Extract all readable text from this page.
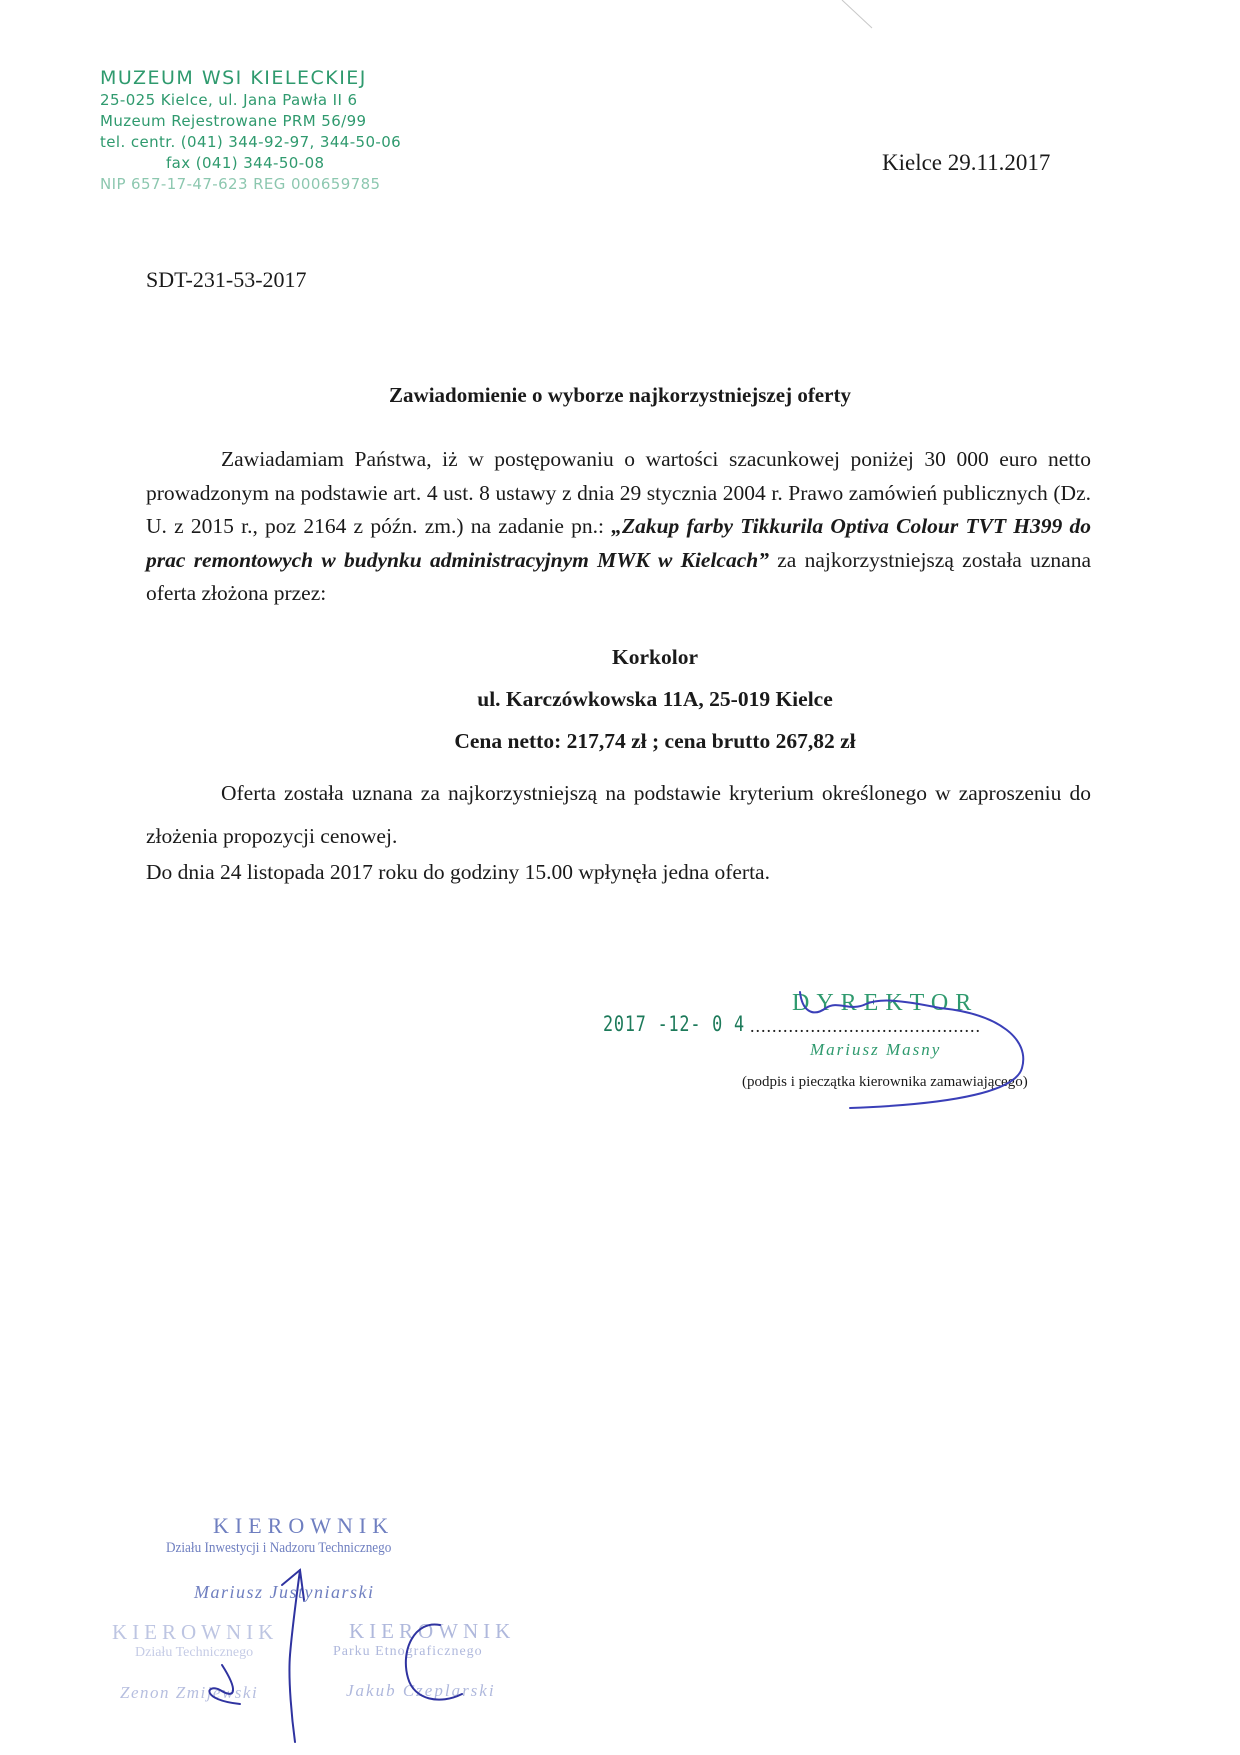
MUZEUM WSI KIELECKIEJ
25-025 Kielce, ul. Jana Pawła II 6
Muzeum Rejestrowane PRM 56/99
tel. centr. (041) 344-92-97, 344-50-06
fax (041) 344-50-08
NIP 657-17-47-623 REG 000659785
Kielce 29.11.2017
SDT-231-53-2017
Zawiadomienie o wyborze najkorzystniejszej oferty
Zawiadamiam Państwa, iż w postępowaniu o wartości szacunkowej poniżej 30 000 euro netto prowadzonym na podstawie art. 4 ust. 8 ustawy z dnia 29 stycznia 2004 r. Prawo zamówień publicznych (Dz. U. z 2015 r., poz 2164 z późn. zm.) na zadanie pn.: „Zakup farby Tikkurila Optiva Colour TVT H399 do prac remontowych w budynku administracyjnym MWK w Kielcach” za najkorzystniejszą została uznana oferta złożona przez:
Korkolor
ul. Karczówkowska 11A, 25-019 Kielce
Cena netto: 217,74 zł ; cena brutto 267,82 zł
Oferta została uznana za najkorzystniejszą na podstawie kryterium określonego w zaproszeniu do złożenia propozycji cenowej.
Do dnia 24 listopada 2017 roku do godziny 15.00 wpłynęła jedna oferta.
2017 -12- 0 4 ..........................................
DYREKTOR
Mariusz Masny
(podpis i pieczątka kierownika zamawiającego)
KIEROWNIK
Działu Inwestycji i Nadzoru Technicznego
Mariusz Justyniarski
KIEROWNIK
Działu Technicznego
Zenon Zmijewski
KIEROWNIK
Parku Etnograficznego
Jakub Czeplarski
